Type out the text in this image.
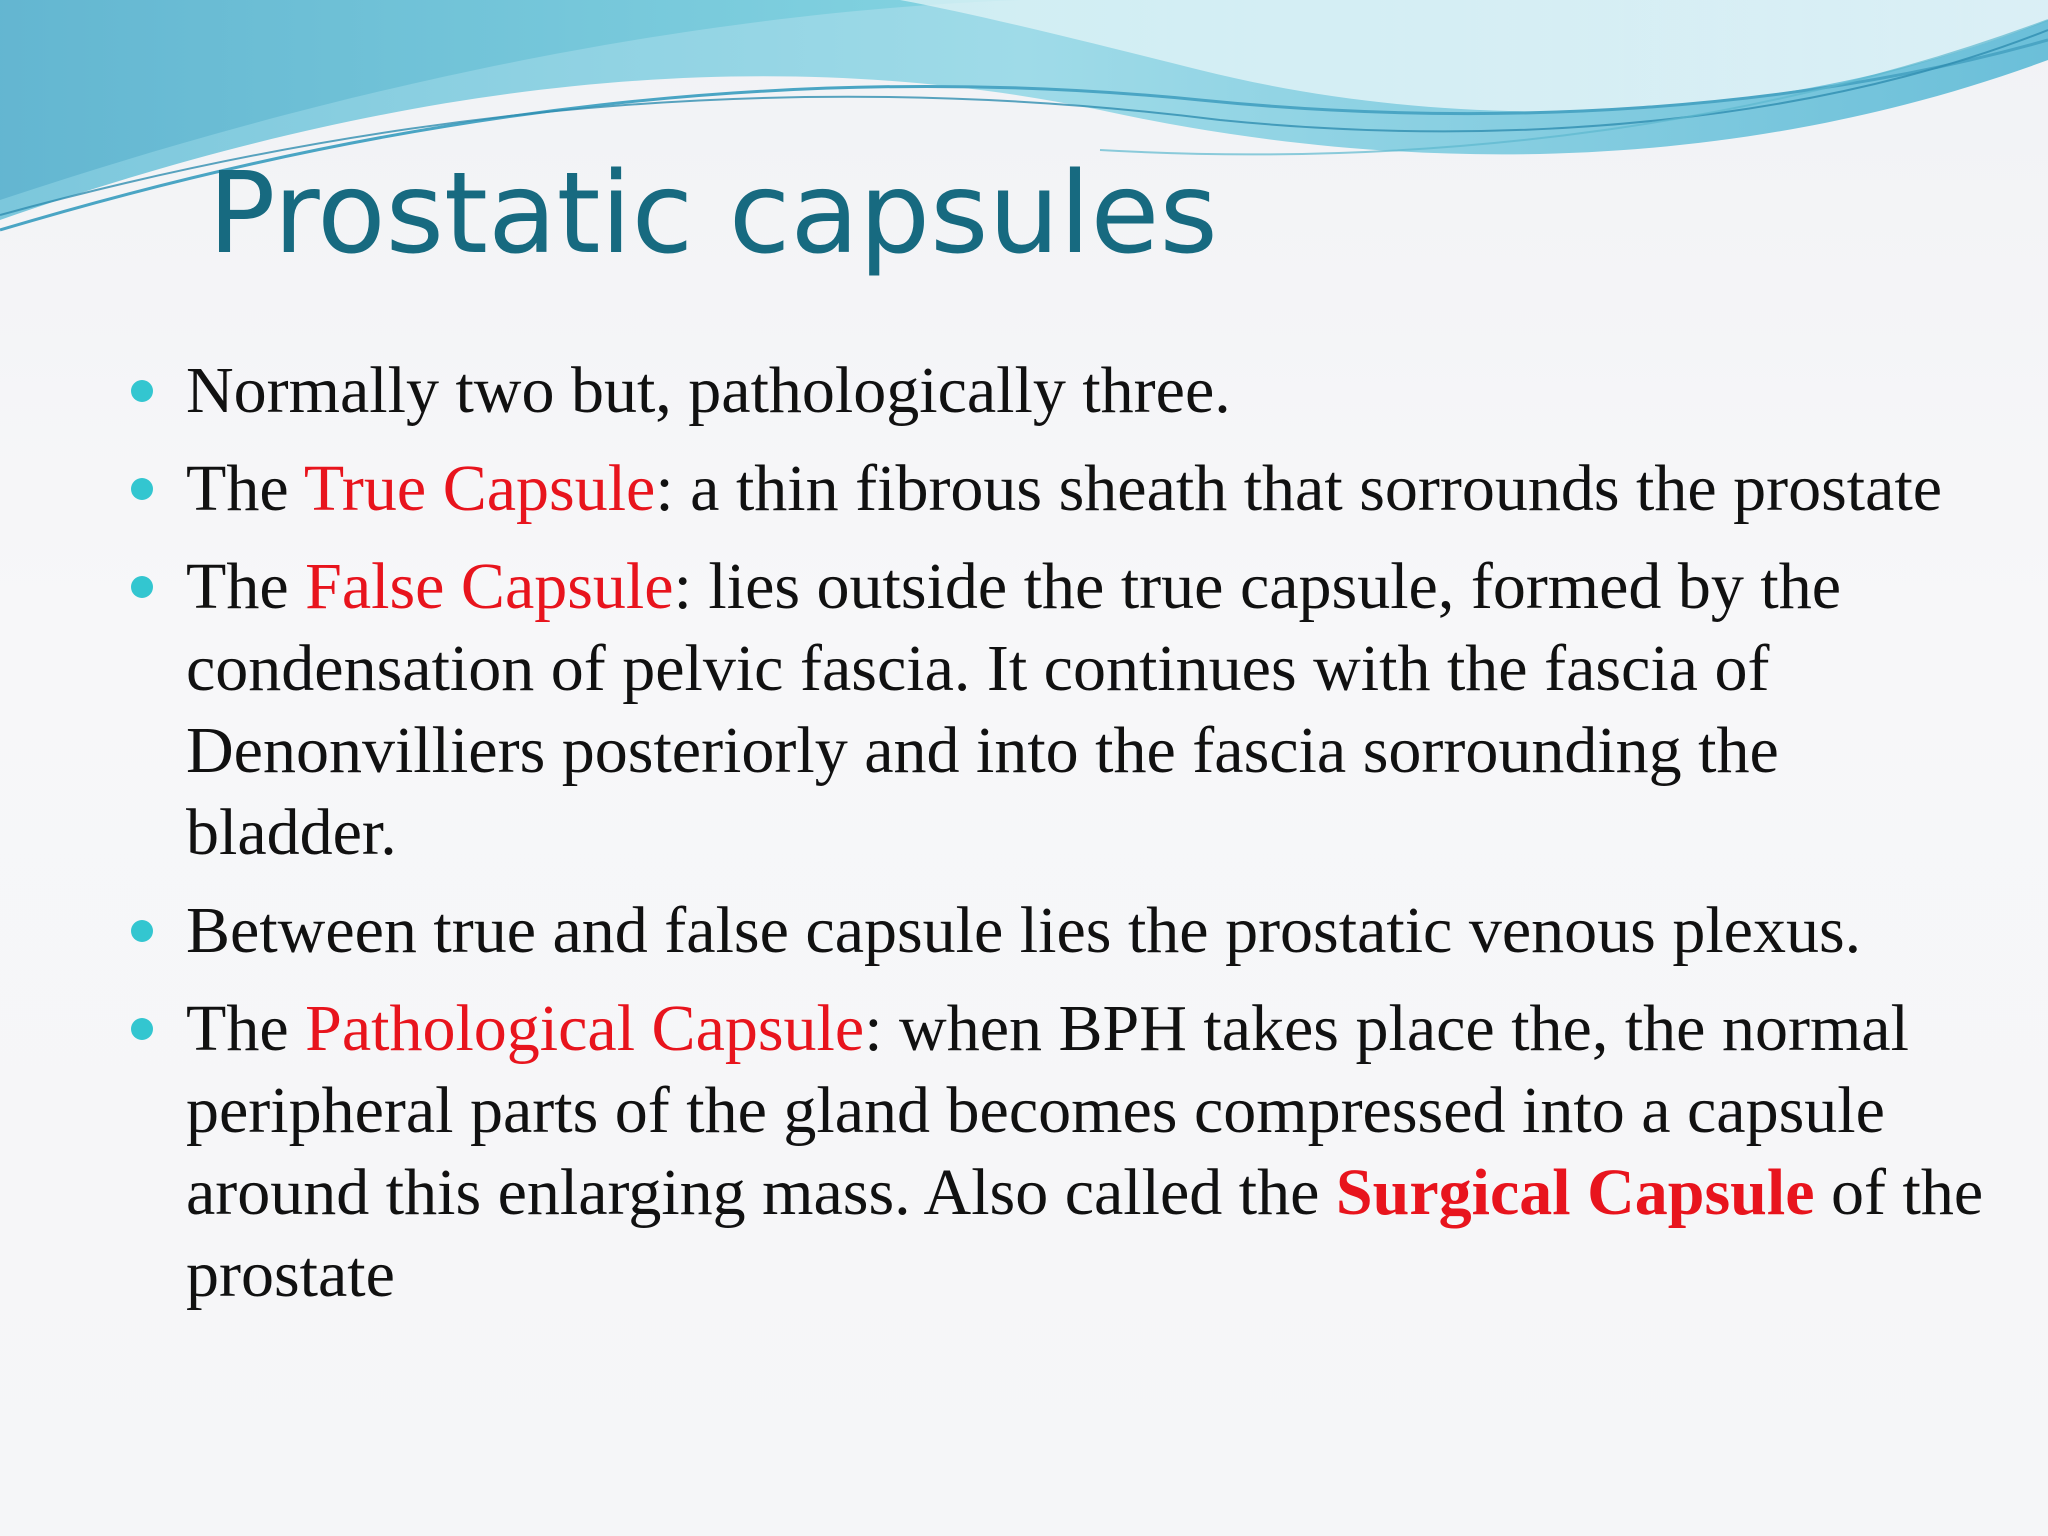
Prostatic capsules
Normally two but, pathologically three.
The True Capsule: a thin fibrous sheath that sorrounds the prostate
The False Capsule: lies outside the true capsule, formed by the condensation of pelvic fascia. It continues with the fascia of Denonvilliers posteriorly and into the fascia sorrounding the bladder.
Between true and false capsule lies the prostatic venous plexus.
The Pathological Capsule: when BPH takes place the, the normal peripheral parts of the gland becomes compressed into a capsule around this enlarging mass. Also called the Surgical Capsule of the prostate
